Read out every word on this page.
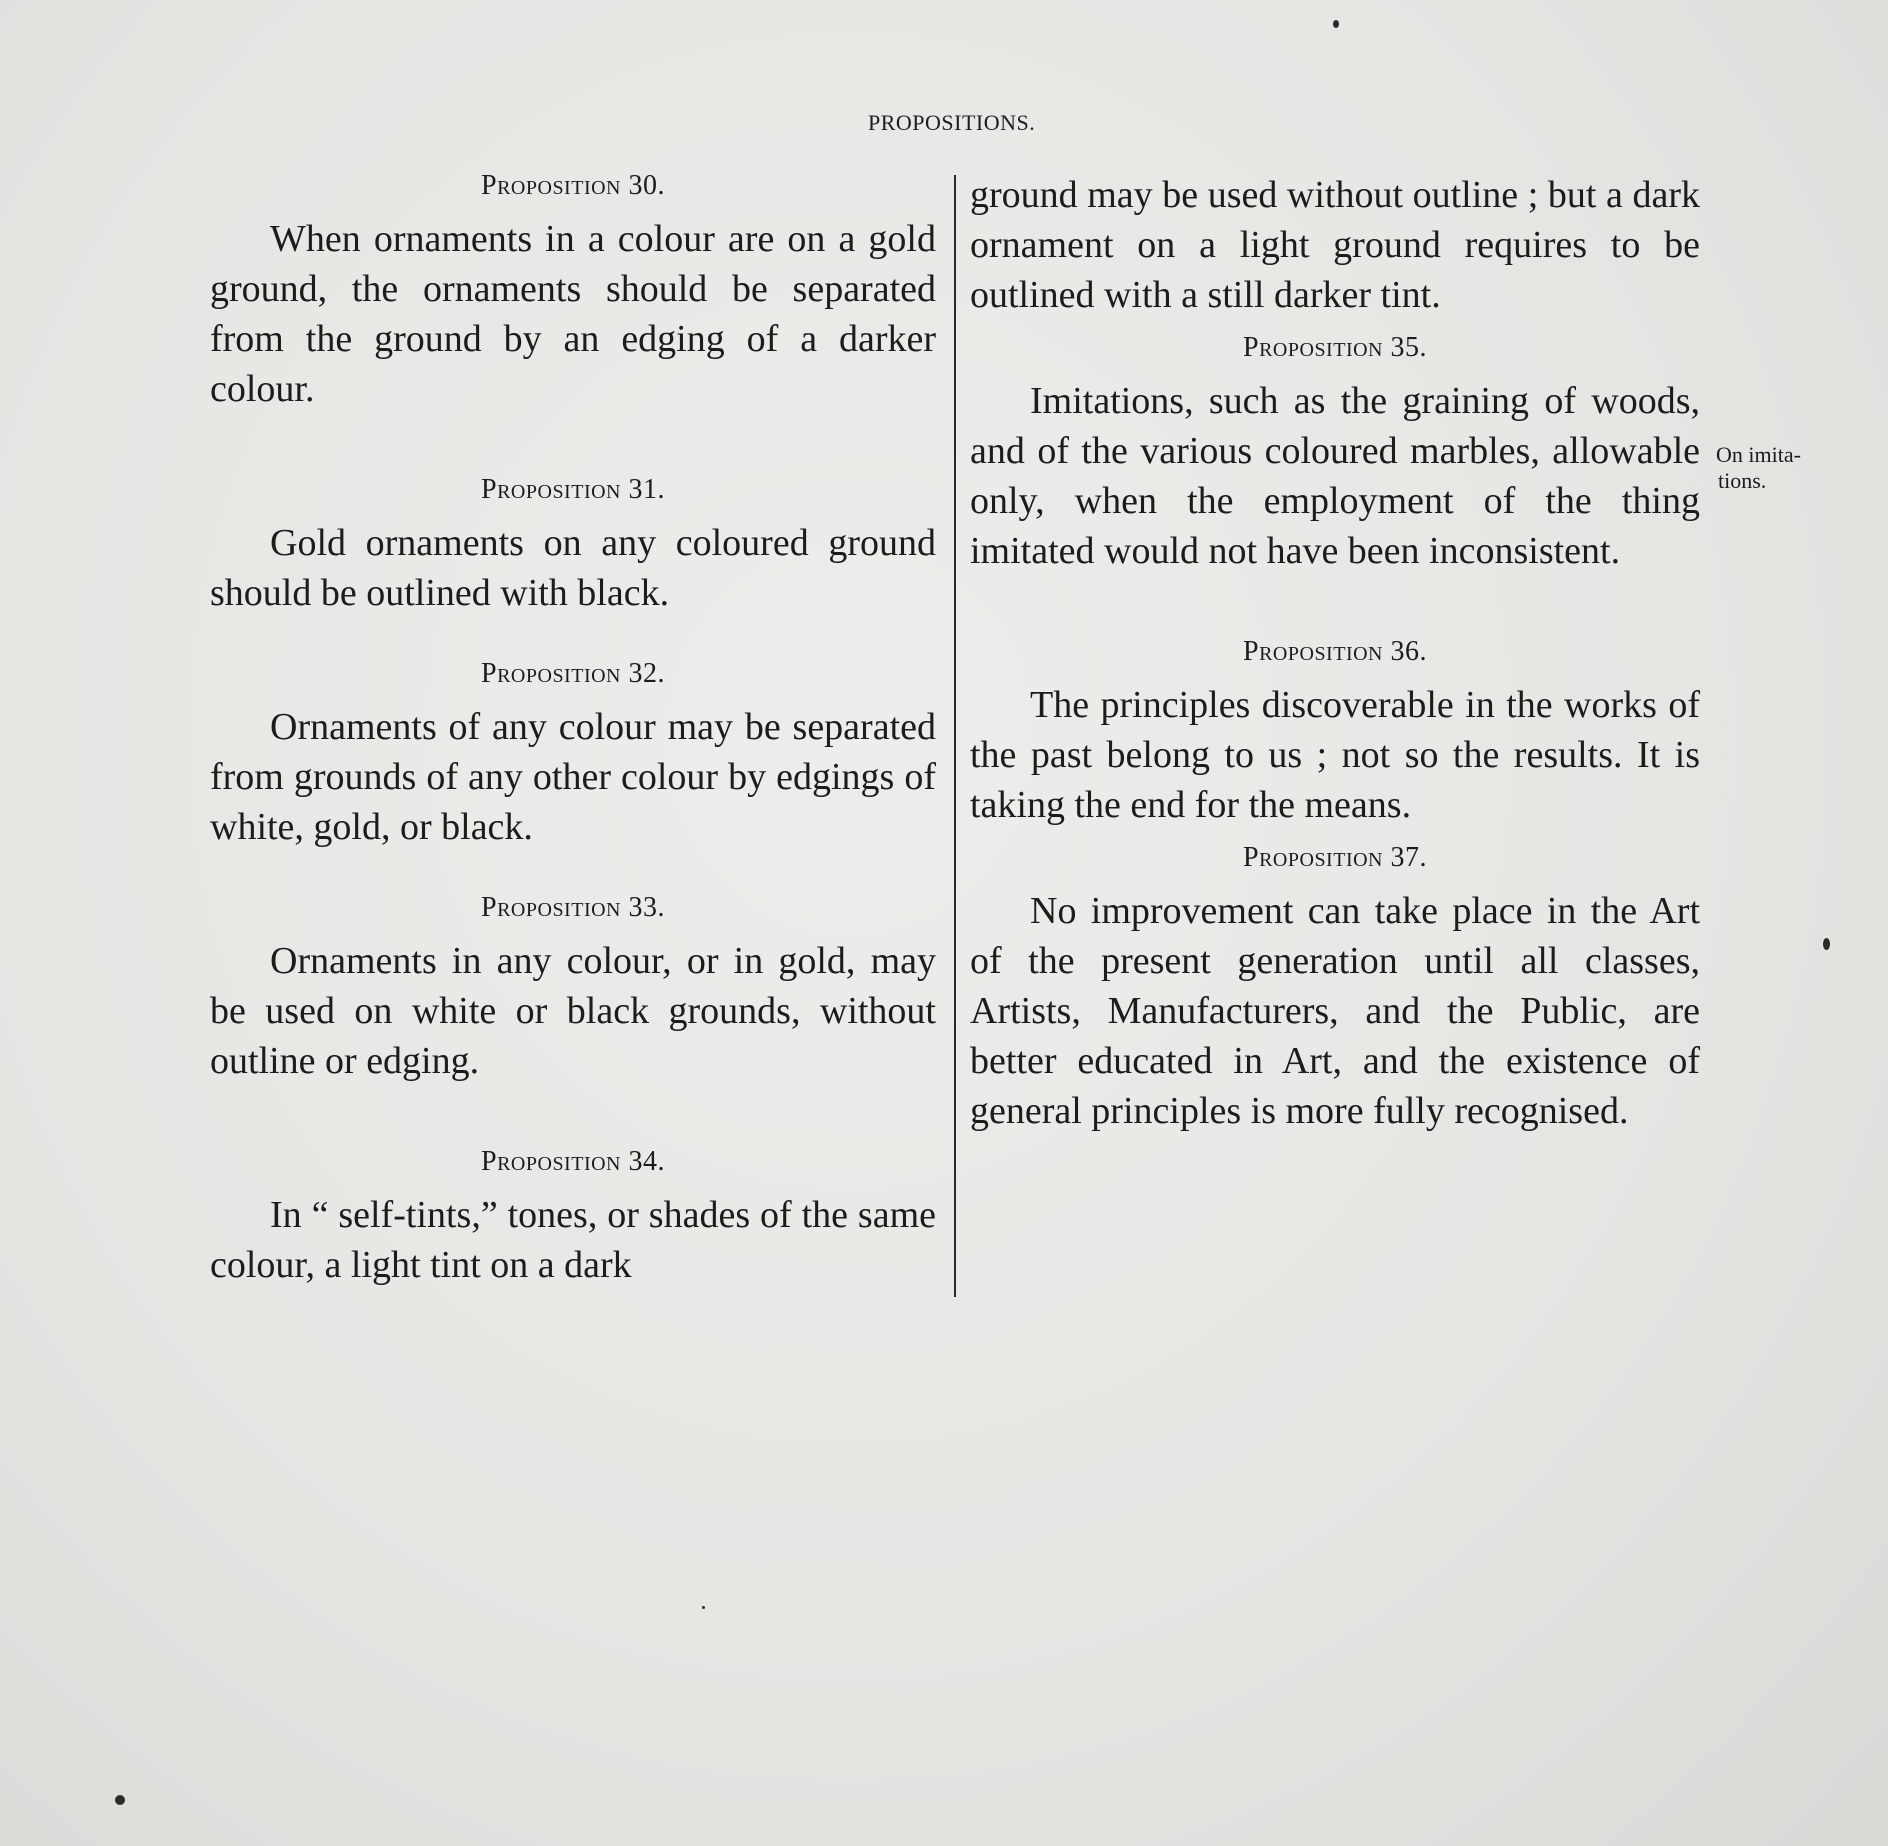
PROPOSITIONS.

Proposition 30.

When ornaments in a colour are on a gold ground, the ornaments should be separated from the ground by an edging of a darker colour.

Proposition 31.

Gold ornaments on any coloured ground should be outlined with black.

Proposition 32.

Ornaments of any colour may be separated from grounds of any other colour by edgings of white, gold, or black.

Proposition 33.

Ornaments in any colour, or in gold, may be used on white or black grounds, without outline or edging.

Proposition 34.

In “ self-tints,” tones, or shades of the same colour, a light tint on a dark

ground may be used without outline ; but a dark ornament on a light ground requires to be outlined with a still darker tint.

Proposition 35.

Imitations, such as the graining of woods, and of the various coloured marbles, allowable only, when the employment of the thing imitated would not have been inconsistent.

Proposition 36.

The principles discoverable in the works of the past belong to us ; not so the results. It is taking the end for the means.

Proposition 37.

No improvement can take place in the Art of the present generation until all classes, Artists, Manufacturers, and the Public, are better educated in Art, and the existence of general principles is more fully recognised.

On imita-
tions.
